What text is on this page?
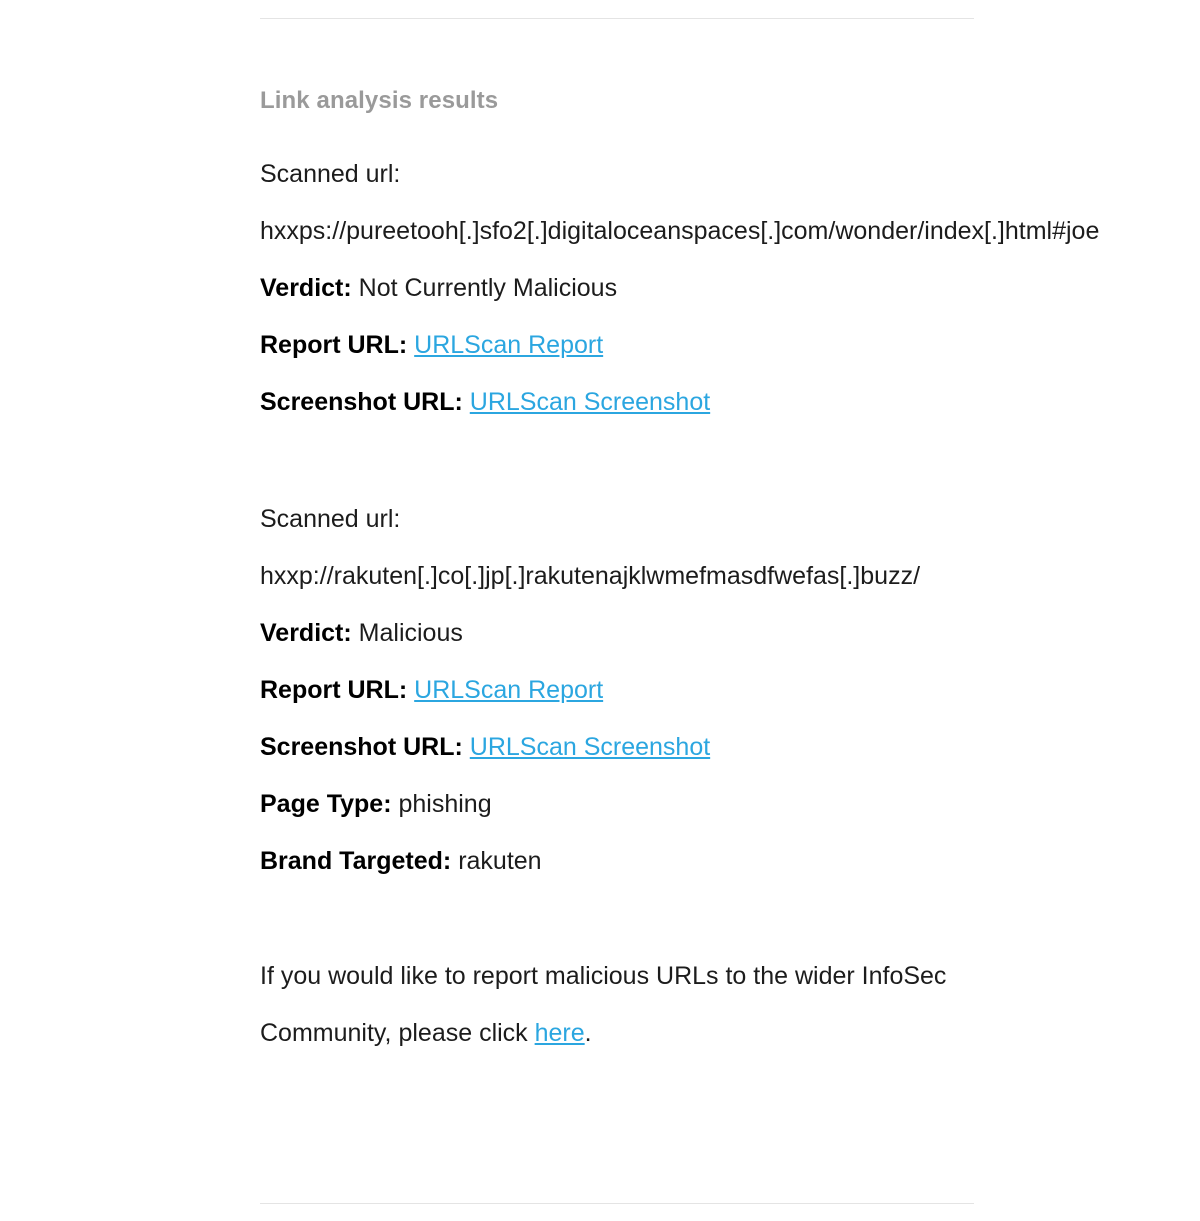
Link analysis results
Scanned url: hxxps://pureetooh[.]sfo2[.]digitaloceanspaces[.]com/wonder/index[.]html#joe
Verdict: Not Currently Malicious
Report URL: URLScan Report
Screenshot URL: URLScan Screenshot
Scanned url: hxxp://rakuten[.]co[.]jp[.]rakutenajklwmefmasdfwefas[.]buzz/
Verdict: Malicious
Report URL: URLScan Report
Screenshot URL: URLScan Screenshot
Page Type: phishing
Brand Targeted: rakuten
If you would like to report malicious URLs to the wider InfoSec Community, please click here.
